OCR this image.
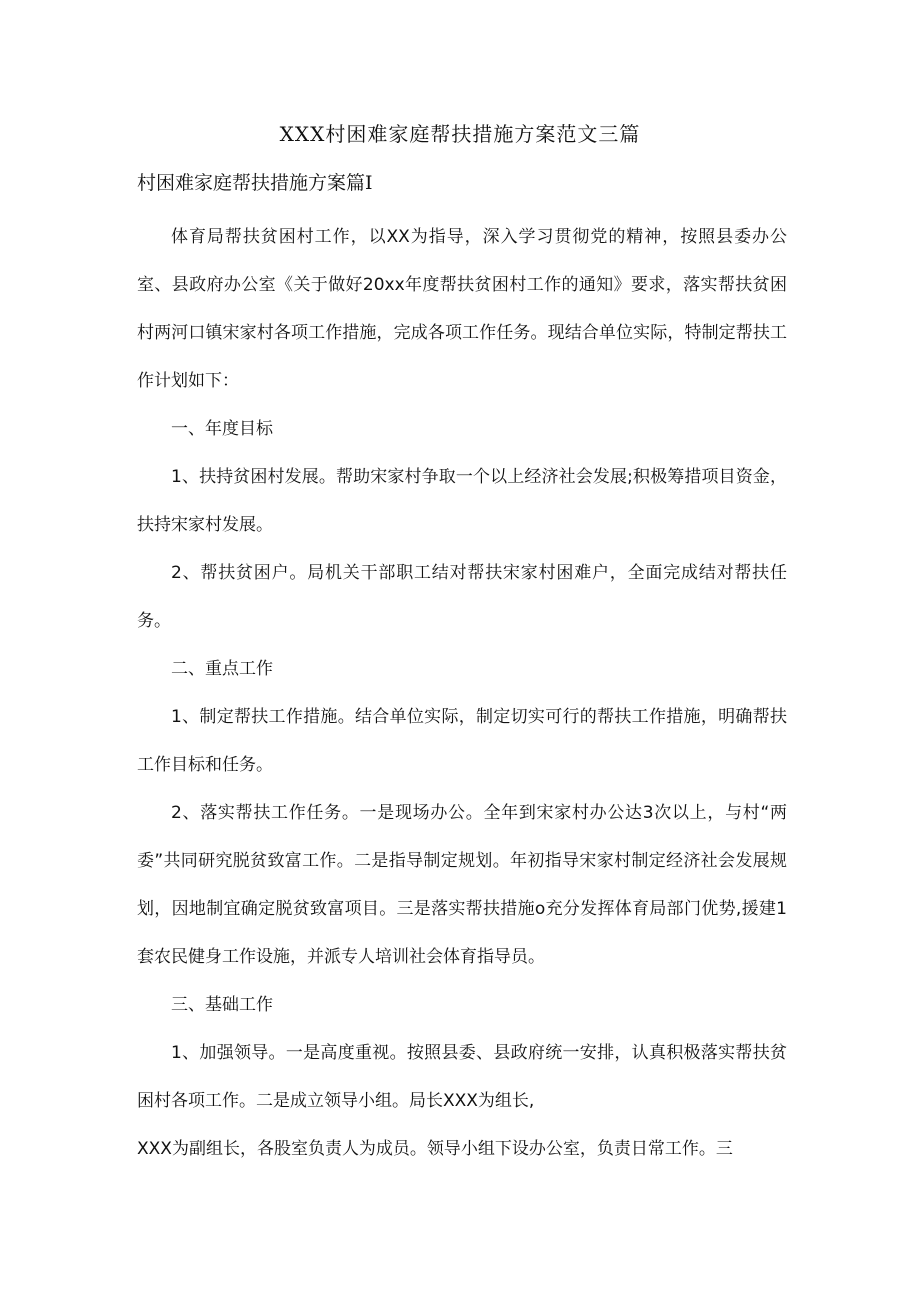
XXX村困难家庭帮扶措施方案范文三篇
村困难家庭帮扶措施方案篇Ⅰ

体育局帮扶贫困村工作，以XX为指导，深入学习贯彻党的精神，按照县委办公室、县政府办公室《关于做好20xx年度帮扶贫困村工作的通知》要求，落实帮扶贫困村两河口镇宋家村各项工作措施，完成各项工作任务。现结合单位实际，特制定帮扶工作计划如下：

一、年度目标

1、扶持贫困村发展。帮助宋家村争取一个以上经济社会发展;积极筹措项目资金，扶持宋家村发展。

2、帮扶贫困户。局机关干部职工结对帮扶宋家村困难户，全面完成结对帮扶任务。

二、重点工作

1、制定帮扶工作措施。结合单位实际，制定切实可行的帮扶工作措施，明确帮扶工作目标和任务。

2、落实帮扶工作任务。一是现场办公。全年到宋家村办公达3次以上，与村“两委”共同研究脱贫致富工作。二是指导制定规划。年初指导宋家村制定经济社会发展规划，因地制宜确定脱贫致富项目。三是落实帮扶措施o充分发挥体育局部门优势,援建1套农民健身工作设施，并派专人培训社会体育指导员。

三、基础工作

1、加强领导。一是高度重视。按照县委、县政府统一安排，认真积极落实帮扶贫困村各项工作。二是成立领导小组。局长XXX为组长,

XXX为副组长，各股室负责人为成员。领导小组下设办公室，负责日常工作。三
